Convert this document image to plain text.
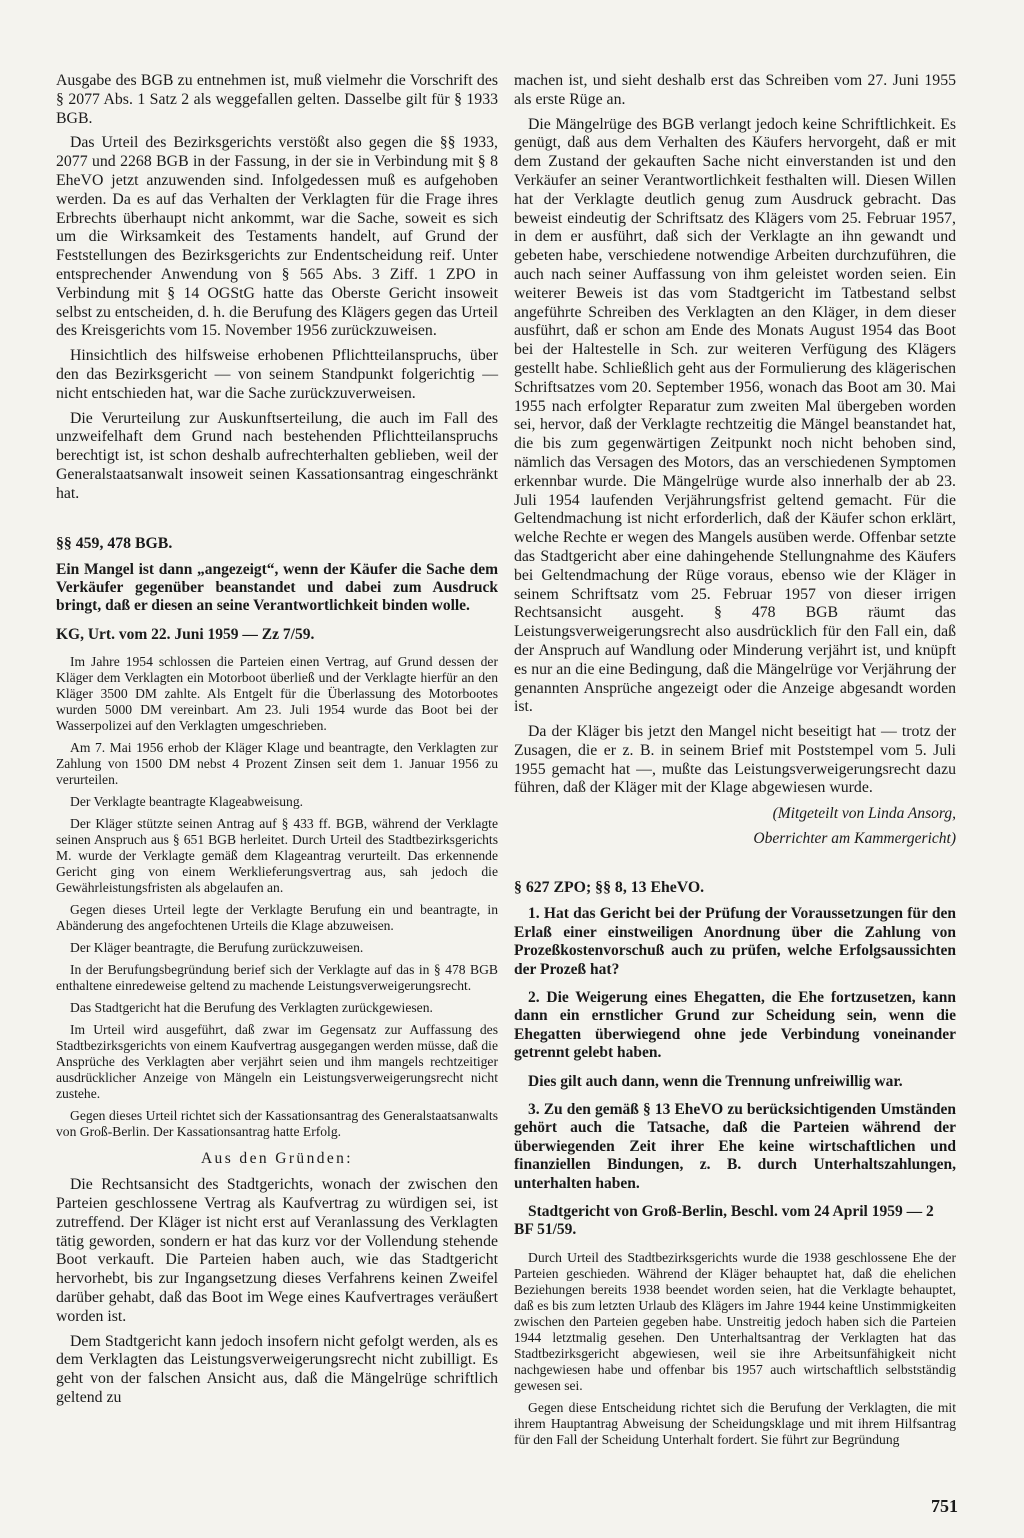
Ausgabe des BGB zu entnehmen ist, muß vielmehr die Vorschrift des § 2077 Abs. 1 Satz 2 als weggefallen gelten. Dasselbe gilt für § 1933 BGB.

Das Urteil des Bezirksgerichts verstößt also gegen die §§ 1933, 2077 und 2268 BGB in der Fassung, in der sie in Verbindung mit § 8 EheVO jetzt anzuwenden sind. Infolgedessen muß es aufgehoben werden. Da es auf das Verhalten der Verklagten für die Frage ihres Erbrechts überhaupt nicht ankommt, war die Sache, soweit es sich um die Wirksamkeit des Testaments handelt, auf Grund der Feststellungen des Bezirksgerichts zur Endentscheidung reif. Unter entsprechender Anwendung von § 565 Abs. 3 Ziff. 1 ZPO in Verbindung mit § 14 OGStG hatte das Oberste Gericht insoweit selbst zu entscheiden, d. h. die Berufung des Klägers gegen das Urteil des Kreisgerichts vom 15. November 1956 zurückzuweisen.

Hinsichtlich des hilfsweise erhobenen Pflichtteilanspruchs, über den das Bezirksgericht — von seinem Standpunkt folgerichtig — nicht entschieden hat, war die Sache zurückzuverweisen.

Die Verurteilung zur Auskunftserteilung, die auch im Fall des unzweifelhaft dem Grund nach bestehenden Pflichtteilanspruchs berechtigt ist, ist schon deshalb aufrechterhalten geblieben, weil der Generalstaatsanwalt insoweit seinen Kassationsantrag eingeschränkt hat.

§§ 459, 478 BGB.

Ein Mangel ist dann „angezeigt“, wenn der Käufer die Sache dem Verkäufer gegenüber beanstandet und dabei zum Ausdruck bringt, daß er diesen an seine Verantwortlichkeit binden wolle.

KG, Urt. vom 22. Juni 1959 — Zz 7/59.

Im Jahre 1954 schlossen die Parteien einen Vertrag, auf Grund dessen der Kläger dem Verklagten ein Motorboot überließ und der Verklagte hierfür an den Kläger 3500 DM zahlte. Als Entgelt für die Überlassung des Motorbootes wurden 5000 DM vereinbart. Am 23. Juli 1954 wurde das Boot bei der Wasserpolizei auf den Verklagten umgeschrieben.

Am 7. Mai 1956 erhob der Kläger Klage und beantragte, den Verklagten zur Zahlung von 1500 DM nebst 4 Prozent Zinsen seit dem 1. Januar 1956 zu verurteilen.

Der Verklagte beantragte Klageabweisung.

Der Kläger stützte seinen Antrag auf § 433 ff. BGB, während der Verklagte seinen Anspruch aus § 651 BGB herleitet. Durch Urteil des Stadtbezirksgerichts M. wurde der Verklagte gemäß dem Klageantrag verurteilt. Das erkennende Gericht ging von einem Werklieferungsvertrag aus, sah jedoch die Gewährleistungsfristen als abgelaufen an.

Gegen dieses Urteil legte der Verklagte Berufung ein und beantragte, in Abänderung des angefochtenen Urteils die Klage abzuweisen.

Der Kläger beantragte, die Berufung zurückzuweisen.

In der Berufungsbegründung berief sich der Verklagte auf das in § 478 BGB enthaltene einredeweise geltend zu machende Leistungsverweigerungsrecht.

Das Stadtgericht hat die Berufung des Verklagten zurückgewiesen.

Im Urteil wird ausgeführt, daß zwar im Gegensatz zur Auffassung des Stadtbezirksgerichts von einem Kaufvertrag ausgegangen werden müsse, daß die Ansprüche des Verklagten aber verjährt seien und ihm mangels rechtzeitiger ausdrücklicher Anzeige von Mängeln ein Leistungsverweigerungsrecht nicht zustehe.

Gegen dieses Urteil richtet sich der Kassationsantrag des Generalstaatsanwalts von Groß-Berlin. Der Kassationsantrag hatte Erfolg.

Aus den Gründen:

Die Rechtsansicht des Stadtgerichts, wonach der zwischen den Parteien geschlossene Vertrag als Kaufvertrag zu würdigen sei, ist zutreffend. Der Kläger ist nicht erst auf Veranlassung des Verklagten tätig geworden, sondern er hat das kurz vor der Vollendung stehende Boot verkauft. Die Parteien haben auch, wie das Stadtgericht hervorhebt, bis zur Ingangsetzung dieses Verfahrens keinen Zweifel darüber gehabt, daß das Boot im Wege eines Kaufvertrages veräußert worden ist.

Dem Stadtgericht kann jedoch insofern nicht gefolgt werden, als es dem Verklagten das Leistungsverweigerungsrecht nicht zubilligt. Es geht von der falschen Ansicht aus, daß die Mängelrüge schriftlich geltend zu

machen ist, und sieht deshalb erst das Schreiben vom 27. Juni 1955 als erste Rüge an.

Die Mängelrüge des BGB verlangt jedoch keine Schriftlichkeit. Es genügt, daß aus dem Verhalten des Käufers hervorgeht, daß er mit dem Zustand der gekauften Sache nicht einverstanden ist und den Verkäufer an seiner Verantwortlichkeit festhalten will. Diesen Willen hat der Verklagte deutlich genug zum Ausdruck gebracht. Das beweist eindeutig der Schriftsatz des Klägers vom 25. Februar 1957, in dem er ausführt, daß sich der Verklagte an ihn gewandt und gebeten habe, verschiedene notwendige Arbeiten durchzuführen, die auch nach seiner Auffassung von ihm geleistet worden seien. Ein weiterer Beweis ist das vom Stadtgericht im Tatbestand selbst angeführte Schreiben des Verklagten an den Kläger, in dem dieser ausführt, daß er schon am Ende des Monats August 1954 das Boot bei der Haltestelle in Sch. zur weiteren Verfügung des Klägers gestellt habe. Schließlich geht aus der Formulierung des klägerischen Schriftsatzes vom 20. September 1956, wonach das Boot am 30. Mai 1955 nach erfolgter Reparatur zum zweiten Mal übergeben worden sei, hervor, daß der Verklagte rechtzeitig die Mängel beanstandet hat, die bis zum gegenwärtigen Zeitpunkt noch nicht behoben sind, nämlich das Versagen des Motors, das an verschiedenen Symptomen erkennbar wurde. Die Mängelrüge wurde also innerhalb der ab 23. Juli 1954 laufenden Verjährungsfrist geltend gemacht. Für die Geltendmachung ist nicht erforderlich, daß der Käufer schon erklärt, welche Rechte er wegen des Mangels ausüben werde. Offenbar setzte das Stadtgericht aber eine dahingehende Stellungnahme des Käufers bei Geltendmachung der Rüge voraus, ebenso wie der Kläger in seinem Schriftsatz vom 25. Februar 1957 von dieser irrigen Rechtsansicht ausgeht. § 478 BGB räumt das Leistungsverweigerungsrecht also ausdrücklich für den Fall ein, daß der Anspruch auf Wandlung oder Minderung verjährt ist, und knüpft es nur an die eine Bedingung, daß die Mängelrüge vor Verjährung der genannten Ansprüche angezeigt oder die Anzeige abgesandt worden ist.

Da der Kläger bis jetzt den Mangel nicht beseitigt hat — trotz der Zusagen, die er z. B. in seinem Brief mit Poststempel vom 5. Juli 1955 gemacht hat —, mußte das Leistungsverweigerungsrecht dazu führen, daß der Kläger mit der Klage abgewiesen wurde.

(Mitgeteilt von Linda Ansorg,

Oberrichter am Kammergericht)

§ 627 ZPO; §§ 8, 13 EheVO.

1. Hat das Gericht bei der Prüfung der Voraussetzungen für den Erlaß einer einstweiligen Anordnung über die Zahlung von Prozeßkostenvorschuß auch zu prüfen, welche Erfolgsaussichten der Prozeß hat?

2. Die Weigerung eines Ehegatten, die Ehe fortzusetzen, kann dann ein ernstlicher Grund zur Scheidung sein, wenn die Ehegatten überwiegend ohne jede Verbindung voneinander getrennt gelebt haben.

Dies gilt auch dann, wenn die Trennung unfreiwillig war.

3. Zu den gemäß § 13 EheVO zu berücksichtigenden Umständen gehört auch die Tatsache, daß die Parteien während der überwiegenden Zeit ihrer Ehe keine wirtschaftlichen und finanziellen Bindungen, z. B. durch Unterhaltszahlungen, unterhalten haben.

Stadtgericht von Groß-Berlin, Beschl. vom 24 April 1959 — 2 BF 51/59.

Durch Urteil des Stadtbezirksgerichts wurde die 1938 geschlossene Ehe der Parteien geschieden. Während der Kläger behauptet hat, daß die ehelichen Beziehungen bereits 1938 beendet worden seien, hat die Verklagte behauptet, daß es bis zum letzten Urlaub des Klägers im Jahre 1944 keine Unstimmigkeiten zwischen den Parteien gegeben habe. Unstreitig jedoch haben sich die Parteien 1944 letztmalig gesehen. Den Unterhaltsantrag der Verklagten hat das Stadtbezirksgericht abgewiesen, weil sie ihre Arbeitsunfähigkeit nicht nachgewiesen habe und offenbar bis 1957 auch wirtschaftlich selbstständig gewesen sei.

Gegen diese Entscheidung richtet sich die Berufung der Verklagten, die mit ihrem Hauptantrag Abweisung der Scheidungsklage und mit ihrem Hilfsantrag für den Fall der Scheidung Unterhalt fordert. Sie führt zur Begründung

751
